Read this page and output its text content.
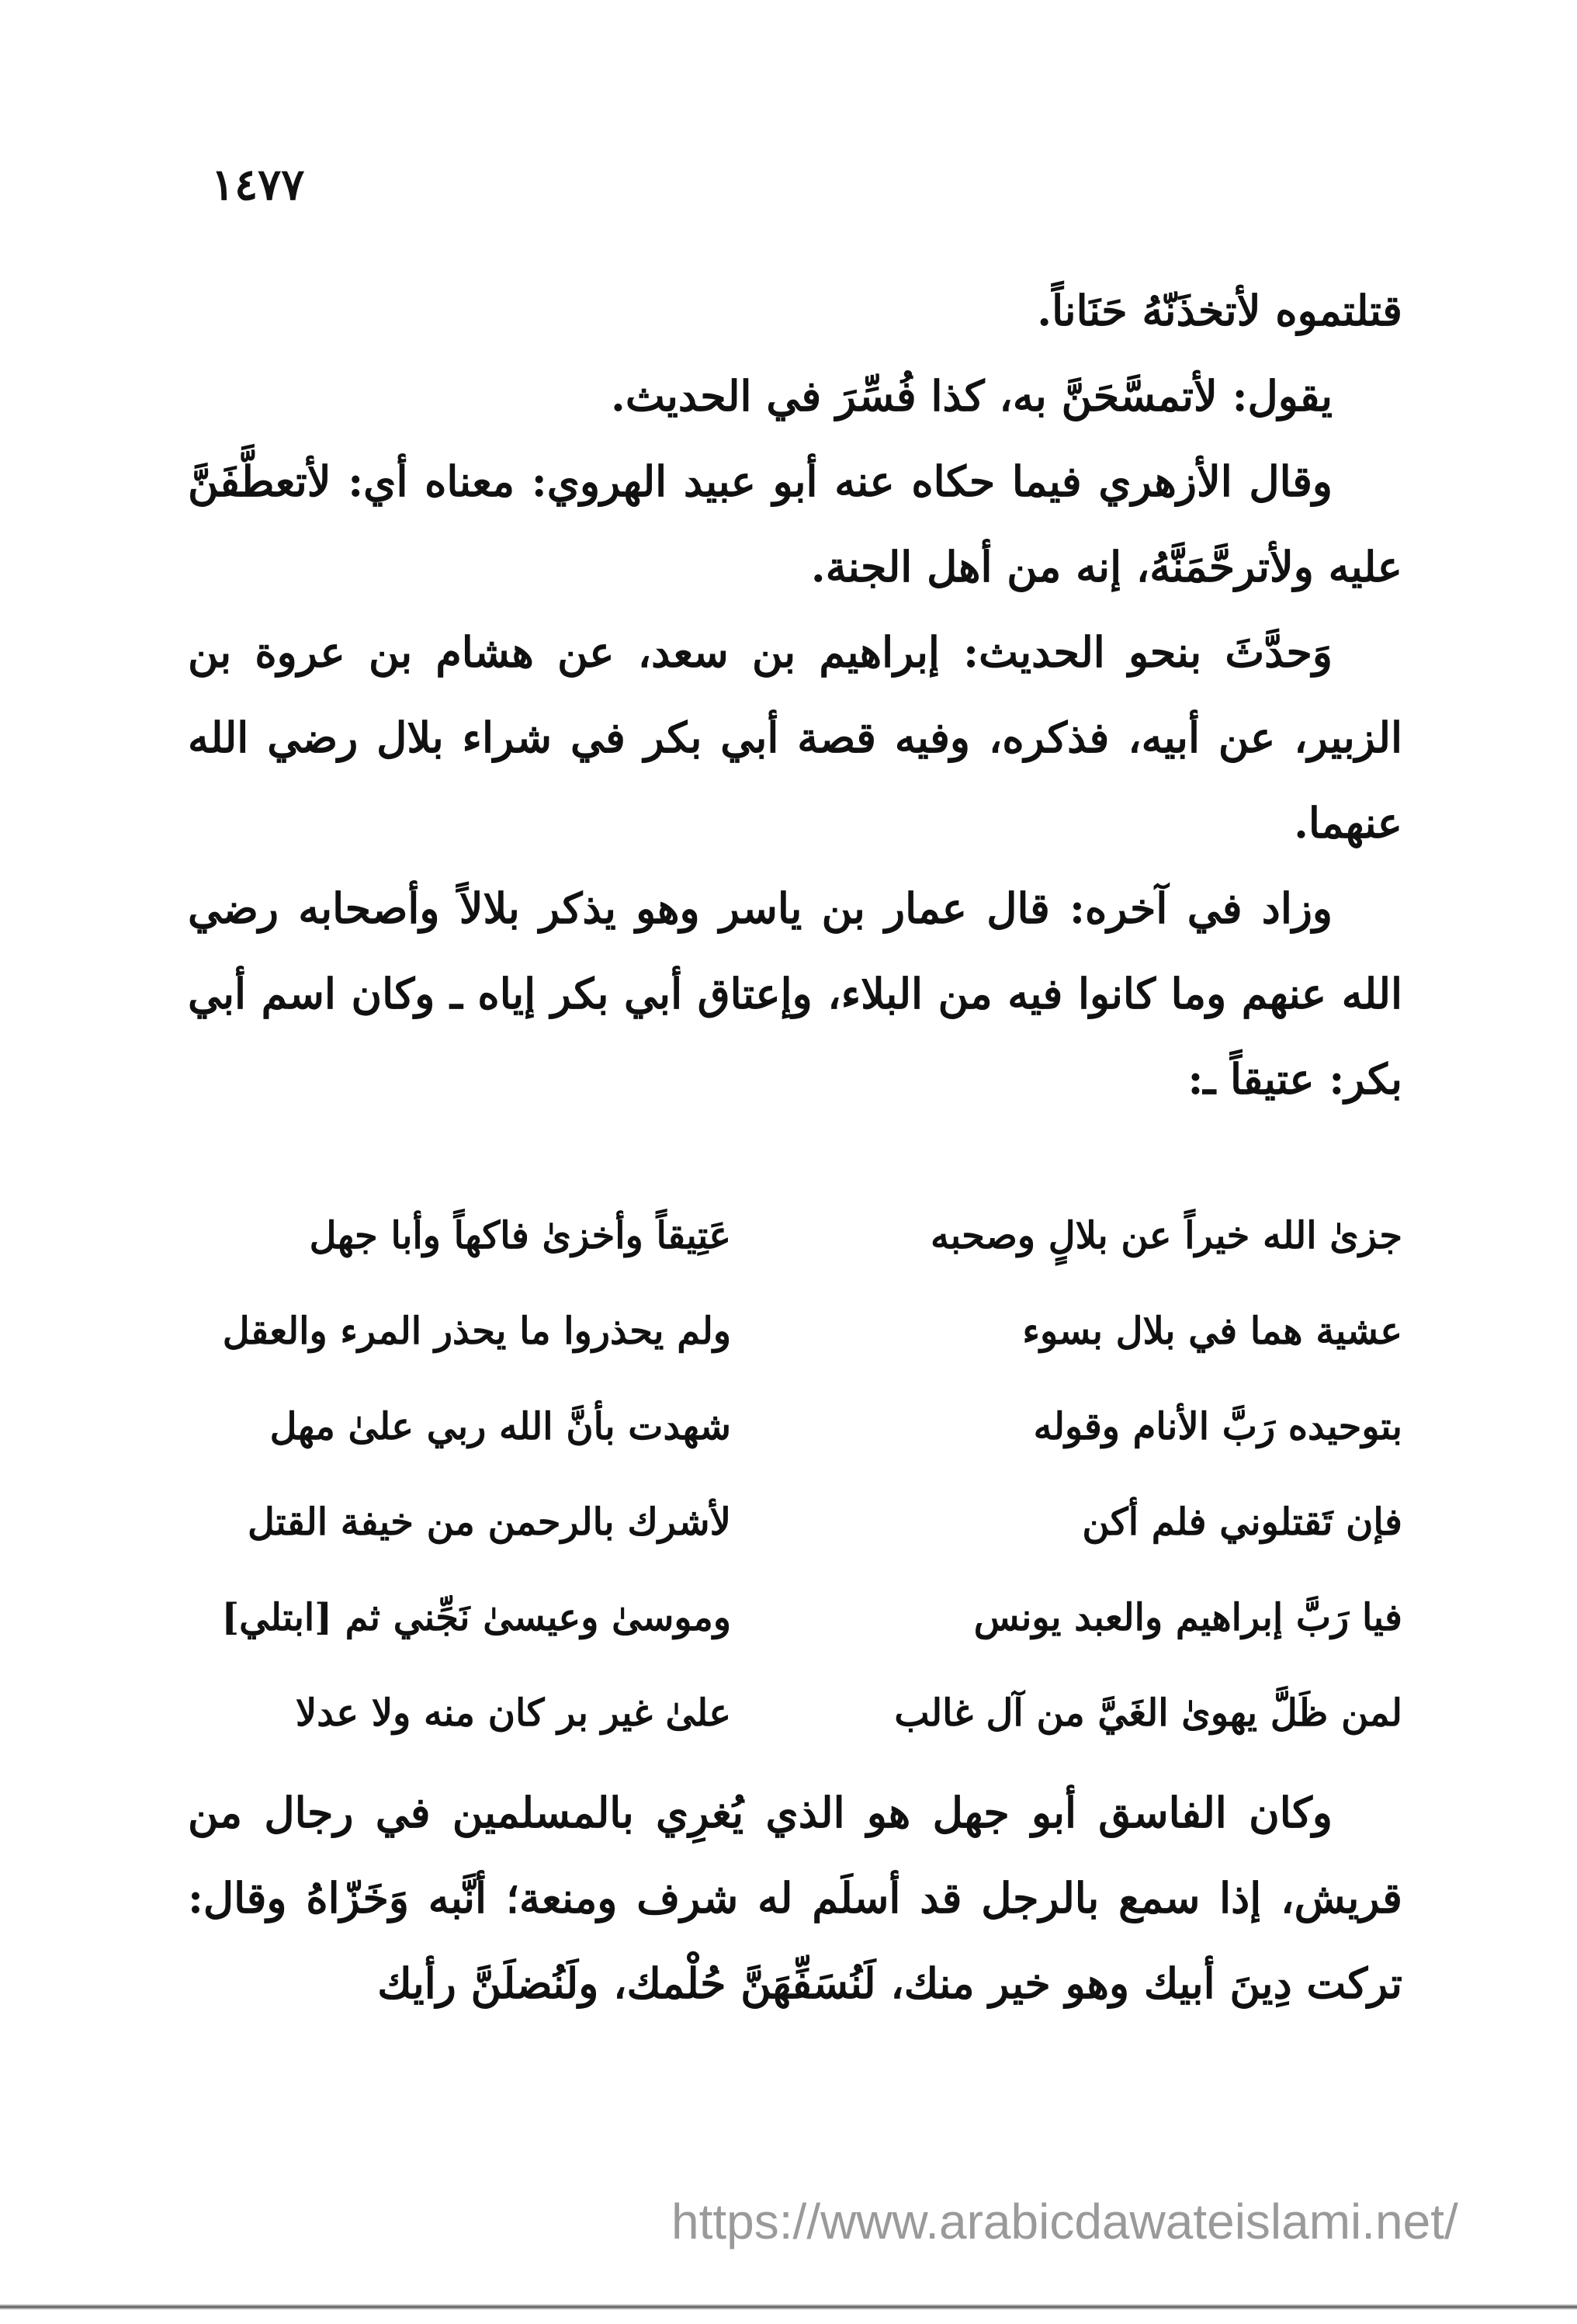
١٤٧٧

قتلتموه لأتخذَنّهُ حَنَاناً.

يقول: لأتمسَّحَنَّ به، كذا فُسِّرَ في الحديث.

وقال الأزهري فيما حكاه عنه أبو عبيد الهروي: معناه أي: لأتعطَّفَنَّ عليه ولأترحَّمَنَّهُ، إنه من أهل الجنة.

وَحدَّثَ بنحو الحديث: إبراهيم بن سعد، عن هشام بن عروة بن الزبير، عن أبيه، فذكره، وفيه قصة أبي بكر في شراء بلال رضي الله عنهما.

وزاد في آخره: قال عمار بن ياسر وهو يذكر بلالاً وأصحابه رضي الله عنهم وما كانوا فيه من البلاء، وإعتاق أبي بكر إياه ـ وكان اسم أبي بكر: عتيقاً ـ:

جزىٰ الله خيراً عن بلالٍ وصحبه
عَتِيقاً وأخزىٰ فاكهاً وأبا جهل
عشية هما في بلال بسوء
ولم يحذروا ما يحذر المرء والعقل
بتوحيده رَبَّ الأنام وقوله
شهدت بأنَّ الله ربي علىٰ مهل
فإن تَقتلوني فلم أكن
لأشرك بالرحمن من خيفة القتل
فيا رَبَّ إبراهيم والعبد يونس
وموسىٰ وعيسىٰ نَجِّني ثم [ابتلي]
لمن ظَلَّ يهوىٰ الغَيَّ من آل غالب
علىٰ غير بر كان منه ولا عدلا

وكان الفاسق أبو جهل هو الذي يُغرِي بالمسلمين في رجال من قريش، إذا سمع بالرجل قد أسلَم له شرف ومنعة؛ أنَّبه وَخَزّاهُ وقال: تركت دِينَ أبيك وهو خير منك، لَنُسَفِّهَنَّ حُلْمك، ولَنُضلَنَّ رأيك

https://www.arabicdawateislami.net/
